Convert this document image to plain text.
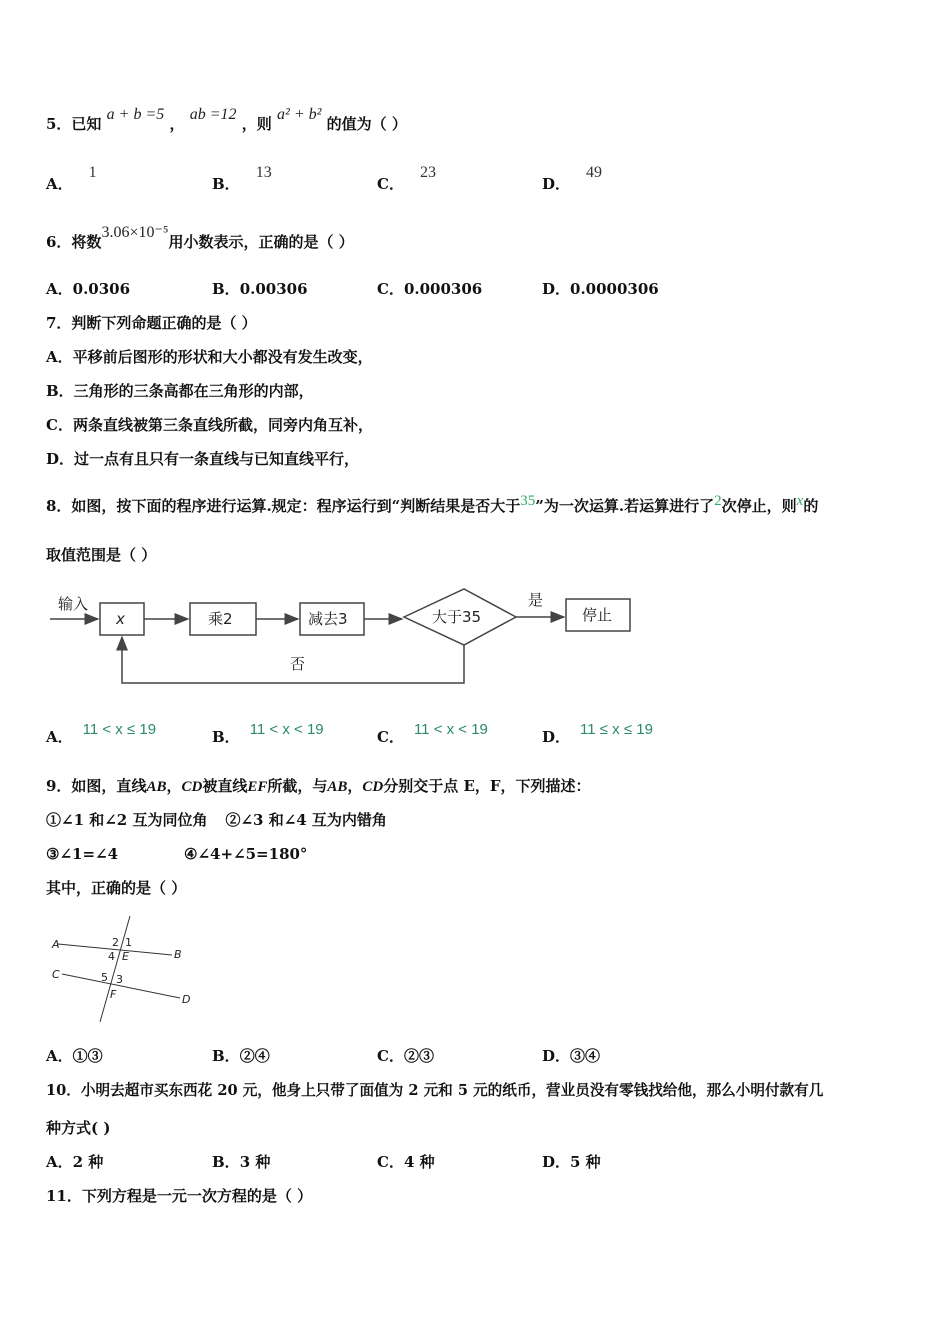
5．已知 a + b =5 ， ab =12 ，则 a² + b² 的值为（ ）
A．1
B．13
C．23
D．49
6．将数3.06×10⁻⁵用小数表示，正确的是（ ）
A．0.0306	B．0.00306	C．0.000306	D．0.0000306
7．判断下列命题正确的是（ ）
A．平移前后图形的形状和大小都没有发生改变，
B．三角形的三条高都在三角形的内部，
C．两条直线被第三条直线所截，同旁内角互补，
D．过一点有且只有一条直线与已知直线平行，
8．如图，按下面的程序进行运算.规定：程序运行到“判断结果是否大于35”为一次运算.若运算进行了2次停止，则x的
取值范围是（ ）
输入
x	乘2	减去3	大于35
是
停止
否
A． 11 < x ≤ 19	B． 11 < x < 19	C． 11 < x < 19	D． 11 ≤ x ≤ 19
9．如图，直线AB，CD被直线EF所截，与AB，CD分别交于点 E，F，下列描述：
①∠1 和∠2 互为同位角 ②∠3 和∠4 互为内错角
③∠1=∠4	④∠4+∠5=180°
其中，正确的是（ ）
A
B
C
D
E
F
2 1
4
5 3
A．①③	B．②④	C．②③	D．③④
10．小明去超市买东西花 20 元，他身上只带了面值为 2 元和 5 元的纸币，营业员没有零钱找给他，那么小明付款有几
种方式( )
A．2 种	B．3 种	C．4 种	D．5 种
11．下列方程是一元一次方程的是（ ）
